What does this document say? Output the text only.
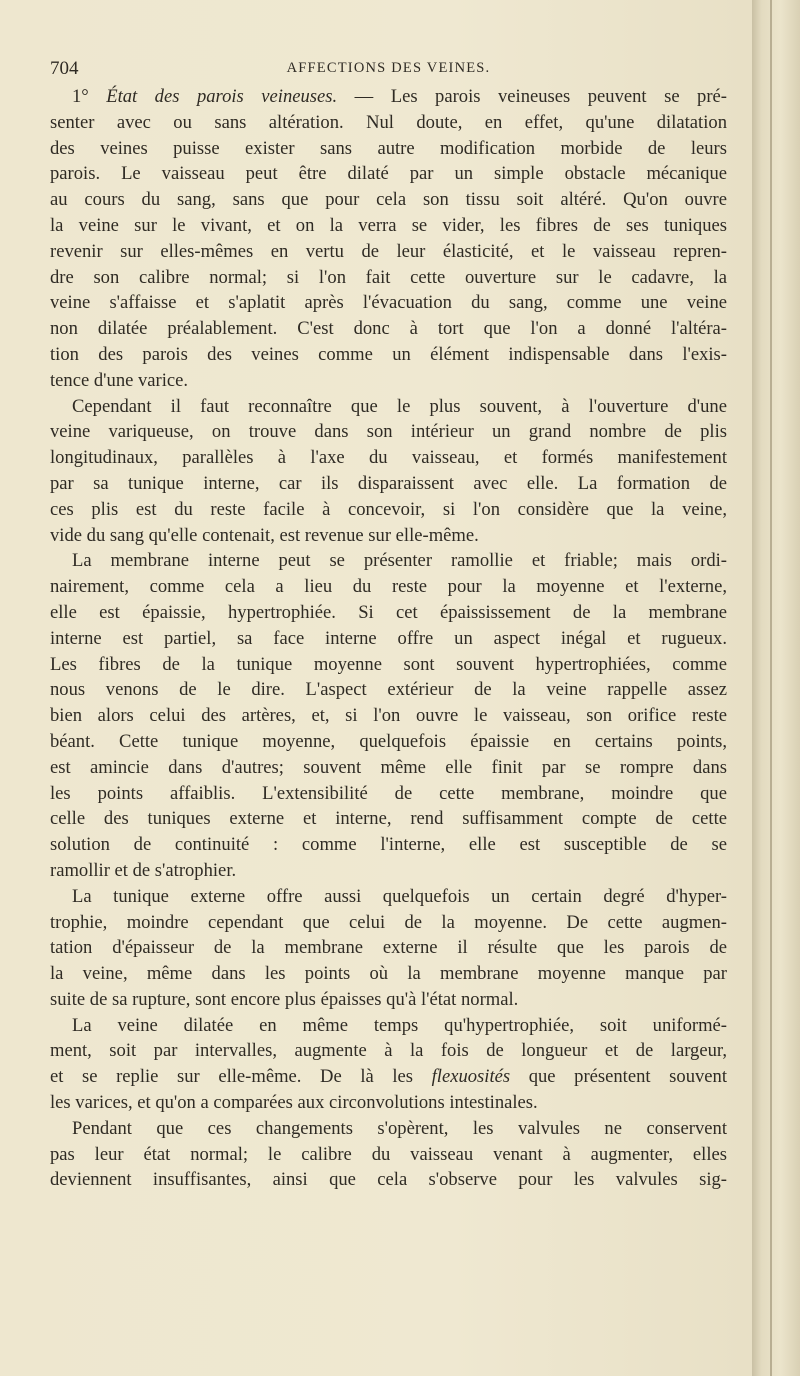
704	AFFECTIONS DES VEINES.
1° État des parois veineuses. — Les parois veineuses peuvent se pré-
senter avec ou sans altération. Nul doute, en effet, qu'une dilatation
des veines puisse exister sans autre modification morbide de leurs
parois. Le vaisseau peut être dilaté par un simple obstacle mécanique
au cours du sang, sans que pour cela son tissu soit altéré. Qu'on ouvre
la veine sur le vivant, et on la verra se vider, les fibres de ses tuniques
revenir sur elles-mêmes en vertu de leur élasticité, et le vaisseau repren-
dre son calibre normal; si l'on fait cette ouverture sur le cadavre, la
veine s'affaisse et s'aplatit après l'évacuation du sang, comme une veine
non dilatée préalablement. C'est donc à tort que l'on a donné l'altéra-
tion des parois des veines comme un élément indispensable dans l'exis-
tence d'une varice.
Cependant il faut reconnaître que le plus souvent, à l'ouverture d'une
veine variqueuse, on trouve dans son intérieur un grand nombre de plis
longitudinaux, parallèles à l'axe du vaisseau, et formés manifestement
par sa tunique interne, car ils disparaissent avec elle. La formation de
ces plis est du reste facile à concevoir, si l'on considère que la veine,
vide du sang qu'elle contenait, est revenue sur elle-même.
La membrane interne peut se présenter ramollie et friable; mais ordi-
nairement, comme cela a lieu du reste pour la moyenne et l'externe,
elle est épaissie, hypertrophiée. Si cet épaississement de la membrane
interne est partiel, sa face interne offre un aspect inégal et rugueux.
Les fibres de la tunique moyenne sont souvent hypertrophiées, comme
nous venons de le dire. L'aspect extérieur de la veine rappelle assez
bien alors celui des artères, et, si l'on ouvre le vaisseau, son orifice reste
béant. Cette tunique moyenne, quelquefois épaissie en certains points,
est amincie dans d'autres; souvent même elle finit par se rompre dans
les points affaiblis. L'extensibilité de cette membrane, moindre que
celle des tuniques externe et interne, rend suffisamment compte de cette
solution de continuité : comme l'interne, elle est susceptible de se
ramollir et de s'atrophier.
La tunique externe offre aussi quelquefois un certain degré d'hyper-
trophie, moindre cependant que celui de la moyenne. De cette augmen-
tation d'épaisseur de la membrane externe il résulte que les parois de
la veine, même dans les points où la membrane moyenne manque par
suite de sa rupture, sont encore plus épaisses qu'à l'état normal.
La veine dilatée en même temps qu'hypertrophiée, soit uniformé-
ment, soit par intervalles, augmente à la fois de longueur et de largeur,
et se replie sur elle-même. De là les flexuosités que présentent souvent
les varices, et qu'on a comparées aux circonvolutions intestinales.
Pendant que ces changements s'opèrent, les valvules ne conservent
pas leur état normal; le calibre du vaisseau venant à augmenter, elles
deviennent insuffisantes, ainsi que cela s'observe pour les valvules sig-
